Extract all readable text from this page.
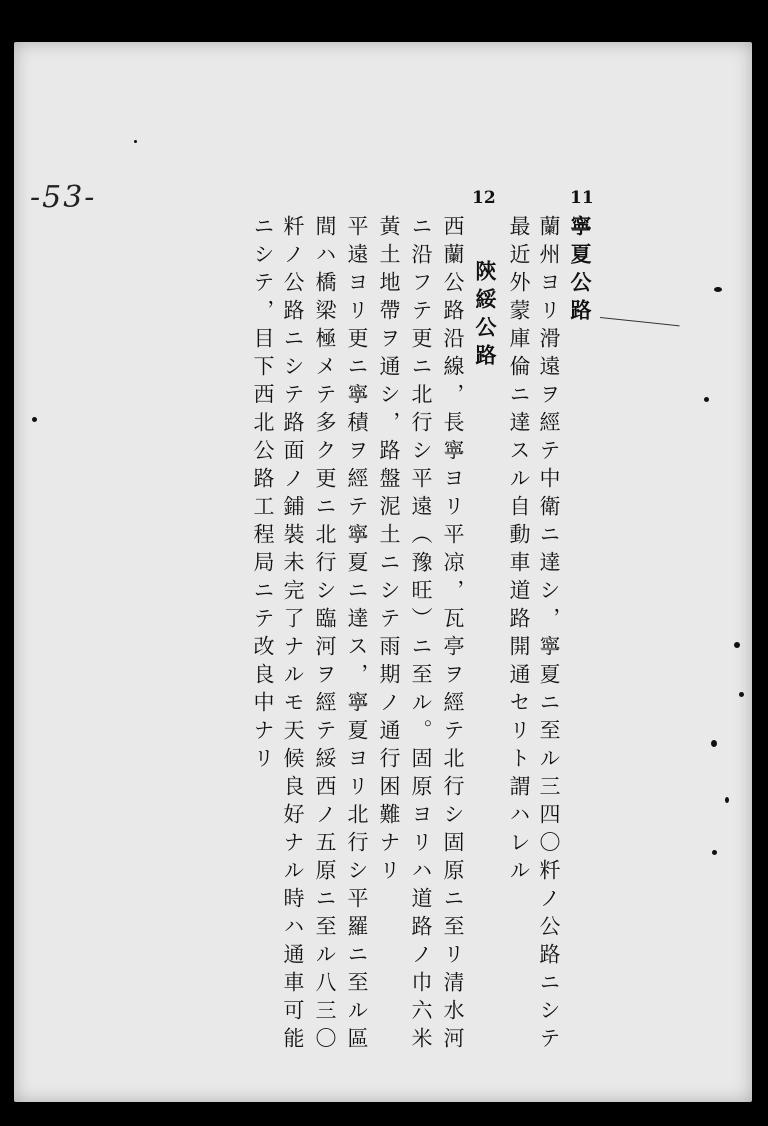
-53-	11
寧夏公路
蘭州ヨリ滑遠ヲ經テ中衛ニ達シ，寧夏ニ至ル三四〇粁ノ公路ニシテ
最近外蒙庫倫ニ達スル自動車道路開通セリト謂ハレル
12
陝綏公路
西蘭公路沿線，長寧ヨリ平凉，瓦亭ヲ經テ北行シ固原ニ至リ清水河
ニ沿フテ更ニ北行シ平遠（豫旺）ニ至ル。固原ヨリハ道路ノ巾六米
黃土地帶ヲ通シ，路盤泥土ニシテ雨期ノ通行困難ナリ
平遠ヨリ更ニ寧積ヲ經テ寧夏ニ達ス，寧夏ヨリ北行シ平羅ニ至ル區
間ハ橋梁極メテ多ク更ニ北行シ臨河ヲ經テ綏西ノ五原ニ至ル八三〇
粁ノ公路ニシテ路面ノ鋪裝未完了ナルモ天候良好ナル時ハ通車可能
ニシテ，目下西北公路工程局ニテ改良中ナリ
